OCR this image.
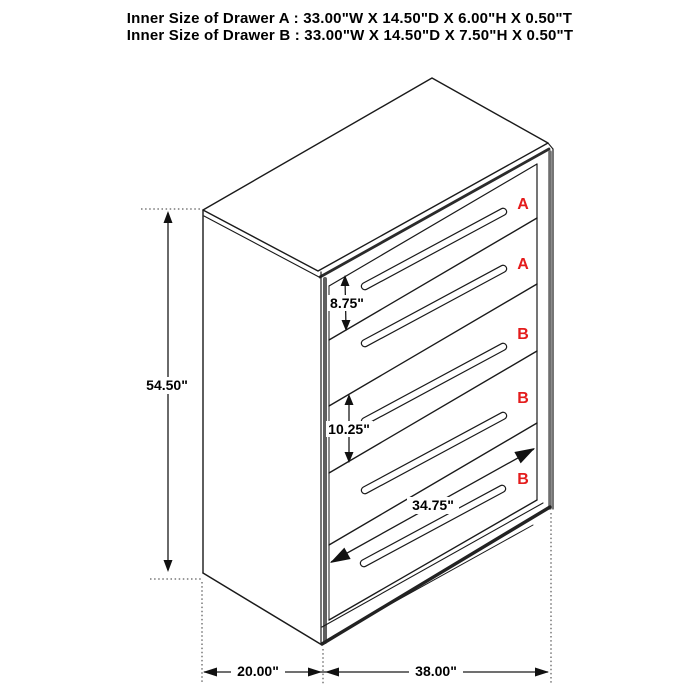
Inner Size of Drawer A : 33.00"W X 14.50"D X 6.00"H X 0.50"T
Inner Size of Drawer B : 33.00"W X 14.50"D X 7.50"H X 0.50"T
54.50"
8.75"
10.25"
34.75"
20.00"	38.00"
A
A
B
B
B
